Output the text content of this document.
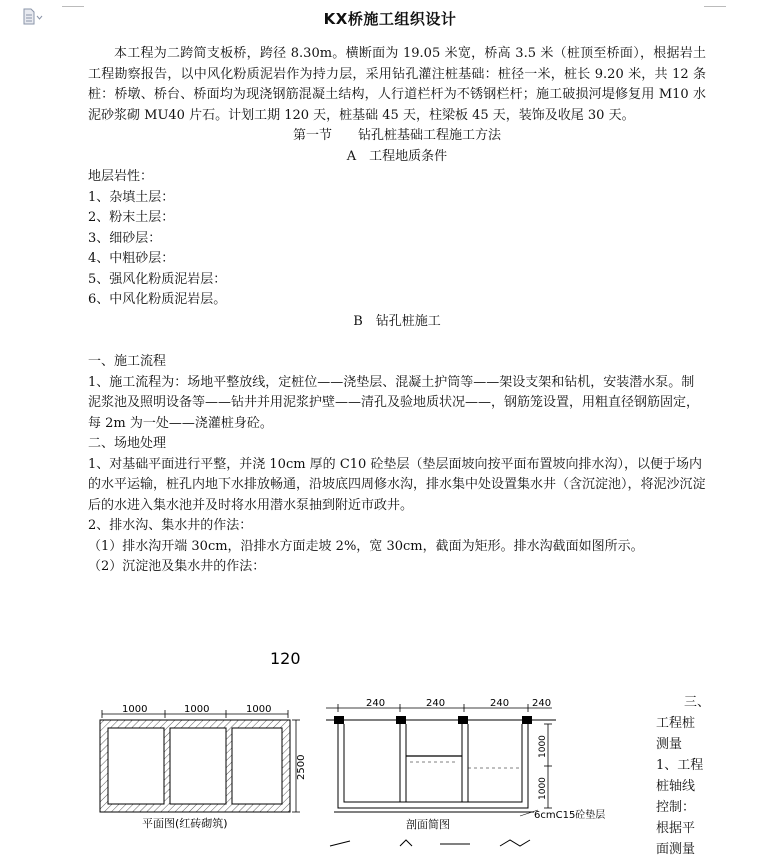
KX桥施工组织设计

本工程为二跨简支板桥，跨径 8.30m。横断面为 19.05 米宽，桥高 3.5 米（桩顶至桥面），根据岩土工程勘察报告，以中风化粉质泥岩作为持力层，采用钻孔灌注桩基础：桩径一米，桩长 9.20 米，共 12 条桩：桥墩、桥台、桥面均为现浇钢筋混凝土结构，人行道栏杆为不锈钢栏杆；施工破损河堤修复用 M10 水泥砂浆砌 MU40 片石。计划工期 120 天，桩基础 45 天，柱梁板 45 天，装饰及收尾 30 天。

第一节　　钻孔桩基础工程施工方法

A　工程地质条件

地层岩性：

1、杂填土层：

2、粉末土层：

3、细砂层：

4、中粗砂层：

5、强风化粉质泥岩层：

6、中风化粉质泥岩层。

B　钻孔桩施工

一、施工流程

1、施工流程为：场地平整放线，定桩位——浇垫层、混凝土护筒等——架设支架和钻机，安装潜水泵。制泥浆池及照明设备等——钻井并用泥浆护壁——清孔及验地质状况——，钢筋笼设置，用粗直径钢筋固定，每 2m 为一处——浇灌桩身砼。

二、场地处理

1、对基础平面进行平整，并浇 10cm 厚的 C10 砼垫层（垫层面坡向按平面布置坡向排水沟），以便于场内的水平运输，桩孔内地下水排放畅通，沿坡底四周修水沟，排水集中处设置集水井（含沉淀池），将泥沙沉淀后的水进入集水池并及时将水用潜水泵抽到附近市政井。

2、排水沟、集水井的作法：

（1）排水沟开端 30cm，沿排水方面走坡 2%，宽 30cm，截面为矩形。排水沟截面如图所示。

（2）沉淀池及集水井的作法：

120
1000	1000	1000
2500
平面图(红砖砌筑)
240	240	240 240
1000
1000
6cmC15砼垫层
剖面简图

三、

工程桩

测量

1、工程

桩轴线

控制：

根据平

面测量
